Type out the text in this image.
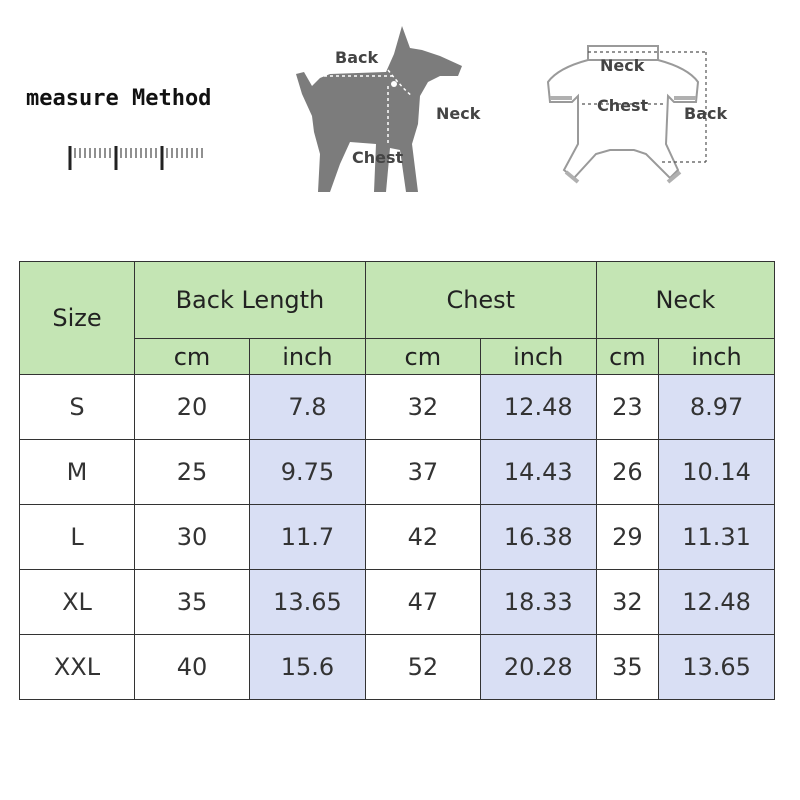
measure Method
Back
Neck
Chest
Neck
Chest Back
Size	Back Length		Chest		Neck	
	cm	inch	cm	inch	cm	inch
S	20	7.8	32	12.48	23	8.97
M	25	9.75	37	14.43	26	10.14
L	30	11.7	42	16.38	29	11.31
XL	35	13.65	47	18.33	32	12.48
XXL	40	15.6	52	20.28	35	13.65
